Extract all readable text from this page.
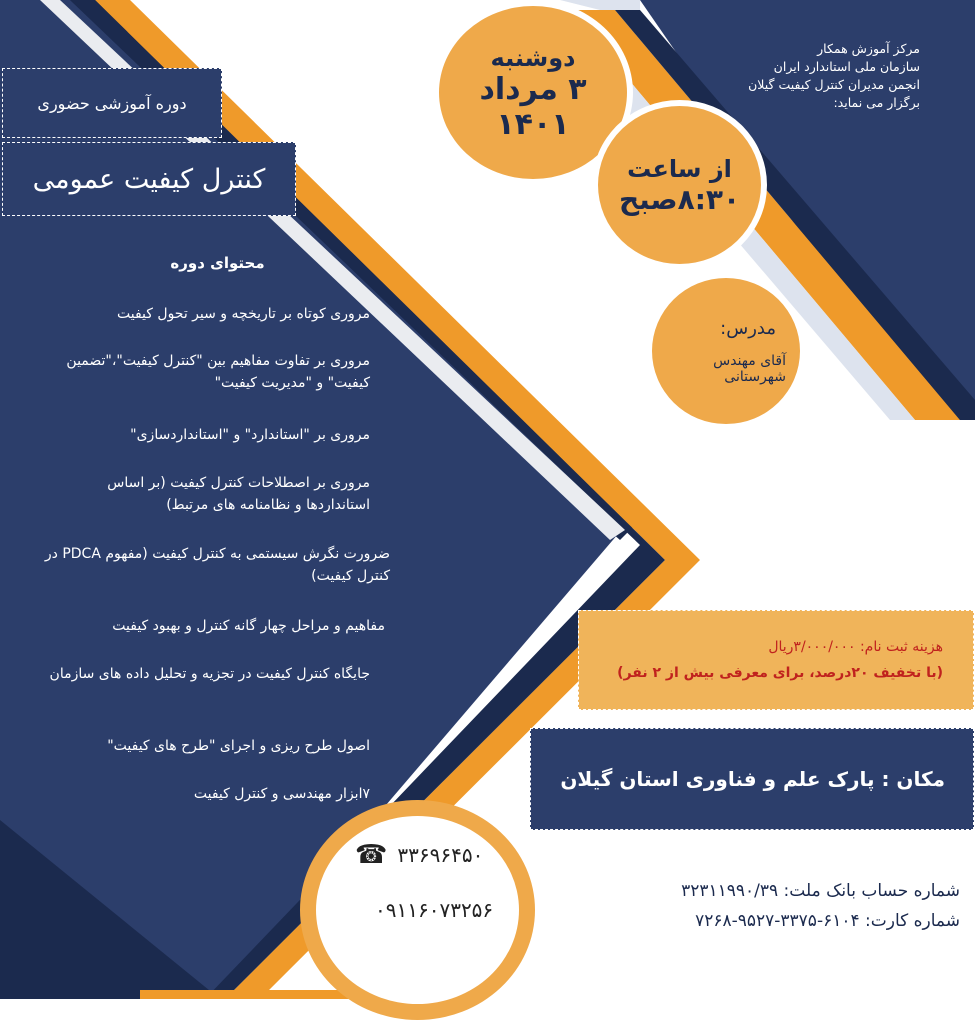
دوره آموزشی حضوری
کنترل کیفیت عمومی
دوشنبه
۳ مرداد ۱۴۰۱
از ساعت
۸:۳۰صبح
مرکز آموزش همکار
سازمان ملی استاندارد ایران
انجمن مدیران کنترل کیفیت گیلان
برگزار می نماید:
مدرس:
آقای مهندس شهرستانی
محتوای دوره
مروری کوتاه بر تاریخچه و سیر تحول کیفیت
مروری بر تفاوت مفاهیم بین "کنترل کیفیت"،"تضمین کیفیت" و "مدیریت کیفیت"
مروری بر "استاندارد" و "استانداردسازی"
مروری بر اصطلاحات کنترل کیفیت (بر اساس استانداردها و نظامنامه های مرتبط)
ضرورت نگرش سیستمی به کنترل کیفیت (مفهوم PDCA در کنترل کیفیت)
مفاهیم و مراحل چهار گانه کنترل و بهبود کیفیت
جایگاه کنترل کیفیت در تجزیه و تحلیل داده های سازمان
اصول طرح ریزی و اجرای "طرح های کیفیت"
۷ابزار مهندسی و کنترل کیفیت
هزینه ثبت نام: ۳/۰۰۰/۰۰۰ریال
(با تخفیف ۲۰درصد، برای معرفی بیش از ۲ نفر)
مکان : پارک علم و فناوری استان گیلان
☎ ۳۳۶۹۶۴۵۰
۰۹۱۱۶۰۷۳۲۵۶
شماره حساب بانک ملت: ۳۲۳۱۱۹۹۰/۳۹
شماره کارت: ۶۱۰۴-۳۳۷۵-۹۵۲۷-۷۲۶۸
